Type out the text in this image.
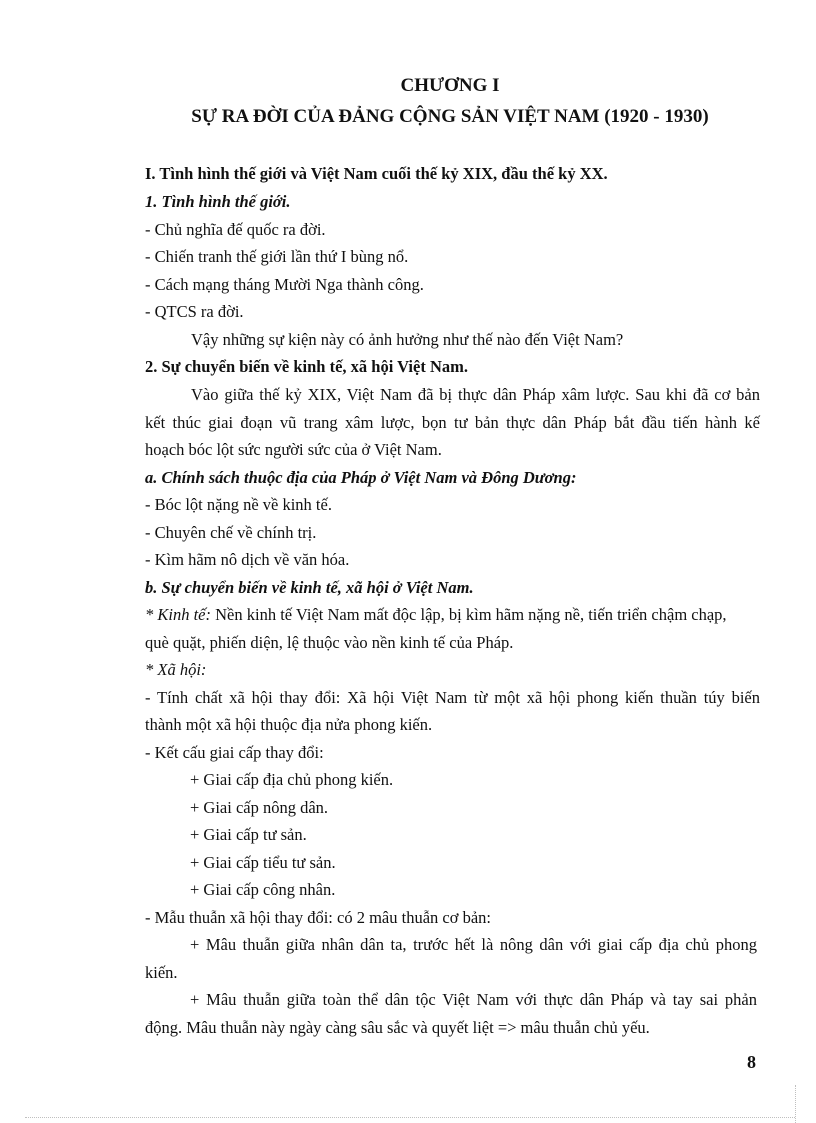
CHƯƠNG I
SỰ RA ĐỜI CỦA ĐẢNG CỘNG SẢN VIỆT NAM (1920 - 1930)
I. Tình hình thế giới và Việt Nam cuối thế kỷ XIX, đầu thế kỷ XX.
1. Tình hình thế giới.
- Chủ nghĩa đế quốc ra đời.
- Chiến tranh thế giới lần thứ I bùng nổ.
- Cách mạng tháng Mười Nga thành công.
- QTCS ra đời.
Vậy những sự kiện này có ảnh hưởng như thế nào đến Việt Nam?
2. Sự chuyển biến về kinh tế, xã hội Việt Nam.
Vào giữa thế kỷ XIX, Việt Nam đã bị thực dân Pháp xâm lược. Sau khi đã cơ bản
kết thúc giai đoạn vũ trang xâm lược, bọn tư bản thực dân Pháp bắt đầu tiến hành kế
hoạch bóc lột sức người sức của ở Việt Nam.
a. Chính sách thuộc địa của Pháp ở Việt Nam và Đông Dương:
- Bóc lột nặng nề về kinh tế.
- Chuyên chế về chính trị.
- Kìm hãm nô dịch về văn hóa.
b. Sự chuyển biến về kinh tế, xã hội ở Việt Nam.
* Kinh tế: Nền kinh tế Việt Nam mất độc lập, bị kìm hãm nặng nề, tiến triển chậm chạp,
què quặt, phiến diện, lệ thuộc vào nền kinh tế của Pháp.
* Xã hội:
- Tính chất xã hội thay đổi: Xã hội Việt Nam từ một xã hội phong kiến thuần túy biến
thành một xã hội thuộc địa nửa phong kiến.
- Kết cấu giai cấp thay đổi:
+ Giai cấp địa chủ phong kiến.
+ Giai cấp nông dân.
+ Giai cấp tư sản.
+ Giai cấp tiểu tư sản.
+ Giai cấp công nhân.
- Mẫu thuẫn xã hội thay đổi: có 2 mâu thuẫn cơ bản:
+ Mâu thuẫn giữa nhân dân ta, trước hết là nông dân với giai cấp địa chủ phong
kiến.
+ Mâu thuẫn giữa toàn thể dân tộc Việt Nam với thực dân Pháp và tay sai phản
động. Mâu thuẫn này ngày càng sâu sắc và quyết liệt => mâu thuẫn chủ yếu.
8
